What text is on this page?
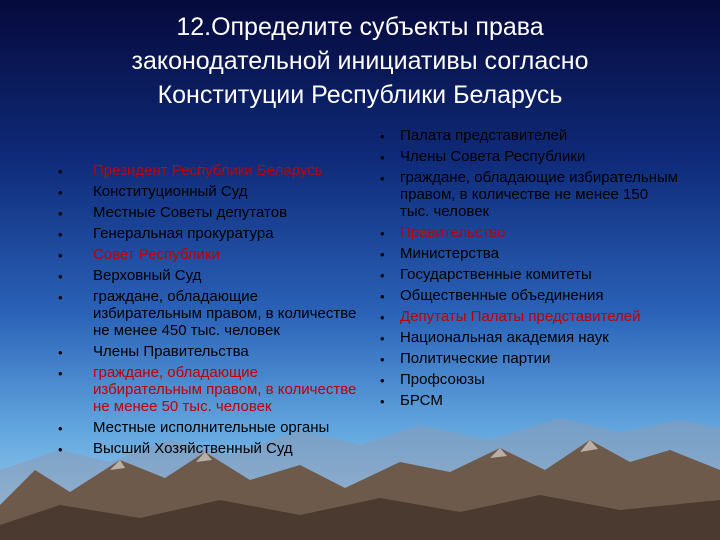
12.Определите субъекты права
законодательной инициативы согласно
Конституции Республики Беларусь
• Президент Республики Беларусь
• Конституционный Суд
• Местные Советы депутатов
• Генеральная прокуратура
• Совет Республики
• Верховный Суд
• граждане, обладающие избирательным правом, в количестве не менее 450 тыс. человек
• Члены Правительства
• граждане, обладающие избирательным правом, в количестве не менее 50 тыс. человек
• Местные исполнительные органы
• Высший Хозяйственный Суд
• Палата представителей
• Члены Совета Республики
• граждане, обладающие избирательным правом, в количестве не менее 150 тыс. человек
• Правительство
• Министерства
• Государственные комитеты
• Общественные объединения
• Депутаты Палаты представителей
• Национальная академия наук
• Политические партии
• Профсоюзы
• БРСМ
